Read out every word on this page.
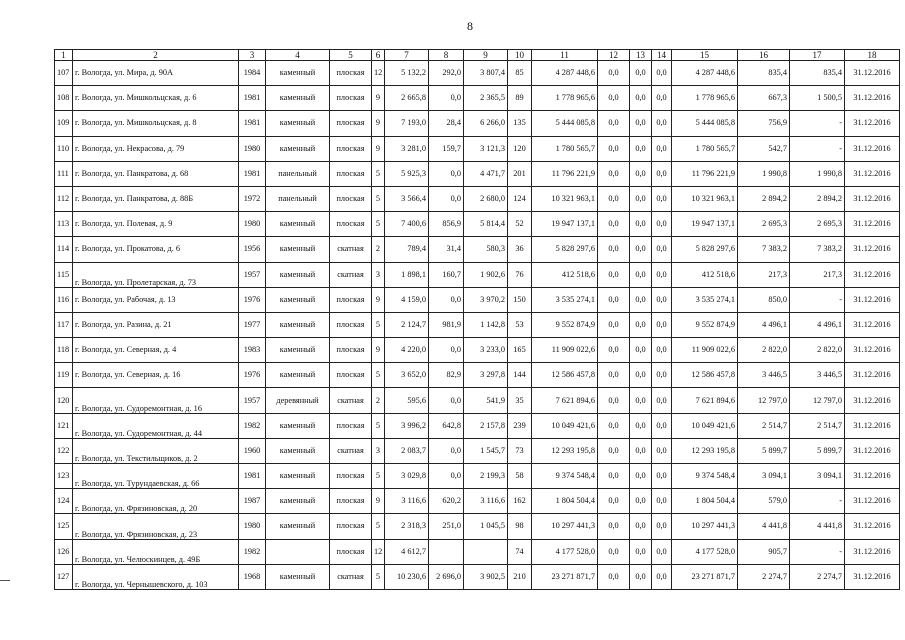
8
1	2	3	4	5	6	7	8	9	10	11	12	13	14	15	16	17	18
107	г. Вологда, ул. Мира, д. 90А	1984	каменный	плоская	12	5 132,2	292,0	3 807,4	85	4 287 448,6	0,0	0,0	0,0	4 287 448,6	835,4	835,4	31.12.2016
108	г. Вологда, ул. Мишкольцская, д. 6	1981	каменный	плоская	9	2 665,8	0,0	2 365,5	89	1 778 965,6	0,0	0,0	0,0	1 778 965,6	667,3	1 500,5	31.12.2016
109	г. Вологда, ул. Мишкольцская, д. 8	1981	каменный	плоская	9	7 193,0	28,4	6 266,0	135	5 444 085,8	0,0	0,0	0,0	5 444 085,8	756,9	-	31.12.2016
110	г. Вологда, ул. Некрасова, д. 79	1980	каменный	плоская	9	3 281,0	159,7	3 121,3	120	1 780 565,7	0,0	0,0	0,0	1 780 565,7	542,7	-	31.12.2016
111	г. Вологда, ул. Панкратова, д. 68	1981	панельный	плоская	5	5 925,3	0,0	4 471,7	201	11 796 221,9	0,0	0,0	0,0	11 796 221,9	1 990,8	1 990,8	31.12.2016
112	г. Вологда, ул. Панкратова, д. 88Б	1972	панельный	плоская	5	3 566,4	0,0	2 680,0	124	10 321 963,1	0,0	0,0	0,0	10 321 963,1	2 894,2	2 894,2	31.12.2016
113	г. Вологда, ул. Полевая, д. 9	1980	каменный	плоская	5	7 400,6	856,9	5 814,4	52	19 947 137,1	0,0	0,0	0,0	19 947 137,1	2 695,3	2 695,3	31.12.2016
114	г. Вологда, ул. Прокатова, д. 6	1956	каменный	скатная	2	789,4	31,4	580,3	36	5 828 297,6	0,0	0,0	0,0	5 828 297,6	7 383,2	7 383,2	31.12.2016
115	г. Вологда, ул. Пролетарская, д. 73	1957	каменный	скатная	3	1 898,1	160,7	1 902,6	76	412 518,6	0,0	0,0	0,0	412 518,6	217,3	217,3	31.12.2016
116	г. Вологда, ул. Рабочая, д. 13	1976	каменный	плоская	9	4 159,0	0,0	3 970,2	150	3 535 274,1	0,0	0,0	0,0	3 535 274,1	850,0	-	31.12.2016
117	г. Вологда, ул. Разина, д. 21	1977	каменный	плоская	5	2 124,7	981,9	1 142,8	53	9 552 874,9	0,0	0,0	0,0	9 552 874,9	4 496,1	4 496,1	31.12.2016
118	г. Вологда, ул. Северная, д. 4	1983	каменный	плоская	9	4 220,0	0,0	3 233,0	165	11 909 022,6	0,0	0,0	0,0	11 909 022,6	2 822,0	2 822,0	31.12.2016
119	г. Вологда, ул. Северная, д. 16	1976	каменный	плоская	5	3 652,0	82,9	3 297,8	144	12 586 457,8	0,0	0,0	0,0	12 586 457,8	3 446,5	3 446,5	31.12.2016
120	г. Вологда, ул. Судоремонтная, д. 16	1957	деревянный	скатная	2	595,6	0,0	541,9	35	7 621 894,6	0,0	0,0	0,0	7 621 894,6	12 797,0	12 797,0	31.12.2016
121	г. Вологда, ул. Судоремонтная, д. 44	1982	каменный	плоская	5	3 996,2	642,8	2 157,8	239	10 049 421,6	0,0	0,0	0,0	10 049 421,6	2 514,7	2 514,7	31.12.2016
122	г. Вологда, ул. Текстильщиков, д. 2	1960	каменный	скатная	3	2 083,7	0,0	1 545,7	73	12 293 195,8	0,0	0,0	0,0	12 293 195,8	5 899,7	5 899,7	31.12.2016
123	г. Вологда, ул. Турундаевская, д. 66	1981	каменный	плоская	5	3 029,8	0,0	2 199,3	58	9 374 548,4	0,0	0,0	0,0	9 374 548,4	3 094,1	3 094,1	31.12.2016
124	г. Вологда, ул. Фрязиновская, д. 20	1987	каменный	плоская	9	3 116,6	620,2	3 116,6	162	1 804 504,4	0,0	0,0	0,0	1 804 504,4	579,0	-	31.12.2016
125	г. Вологда, ул. Фрязиновская, д. 23	1980	каменный	плоская	5	2 318,3	251,0	1 045,5	98	10 297 441,3	0,0	0,0	0,0	10 297 441,3	4 441,8	4 441,8	31.12.2016
126	г. Вологда, ул. Челюскинцев, д. 49Б	1982		плоская	12	4 612,7			74	4 177 528,0	0,0	0,0	0,0	4 177 528,0	905,7	-	31.12.2016
127	г. Вологда, ул. Чернышевского, д. 103	1968	каменный	скатная	5	10 230,6	2 696,0	3 902,5	210	23 271 871,7	0,0	0,0	0,0	23 271 871,7	2 274,7	2 274,7	31.12.2016
